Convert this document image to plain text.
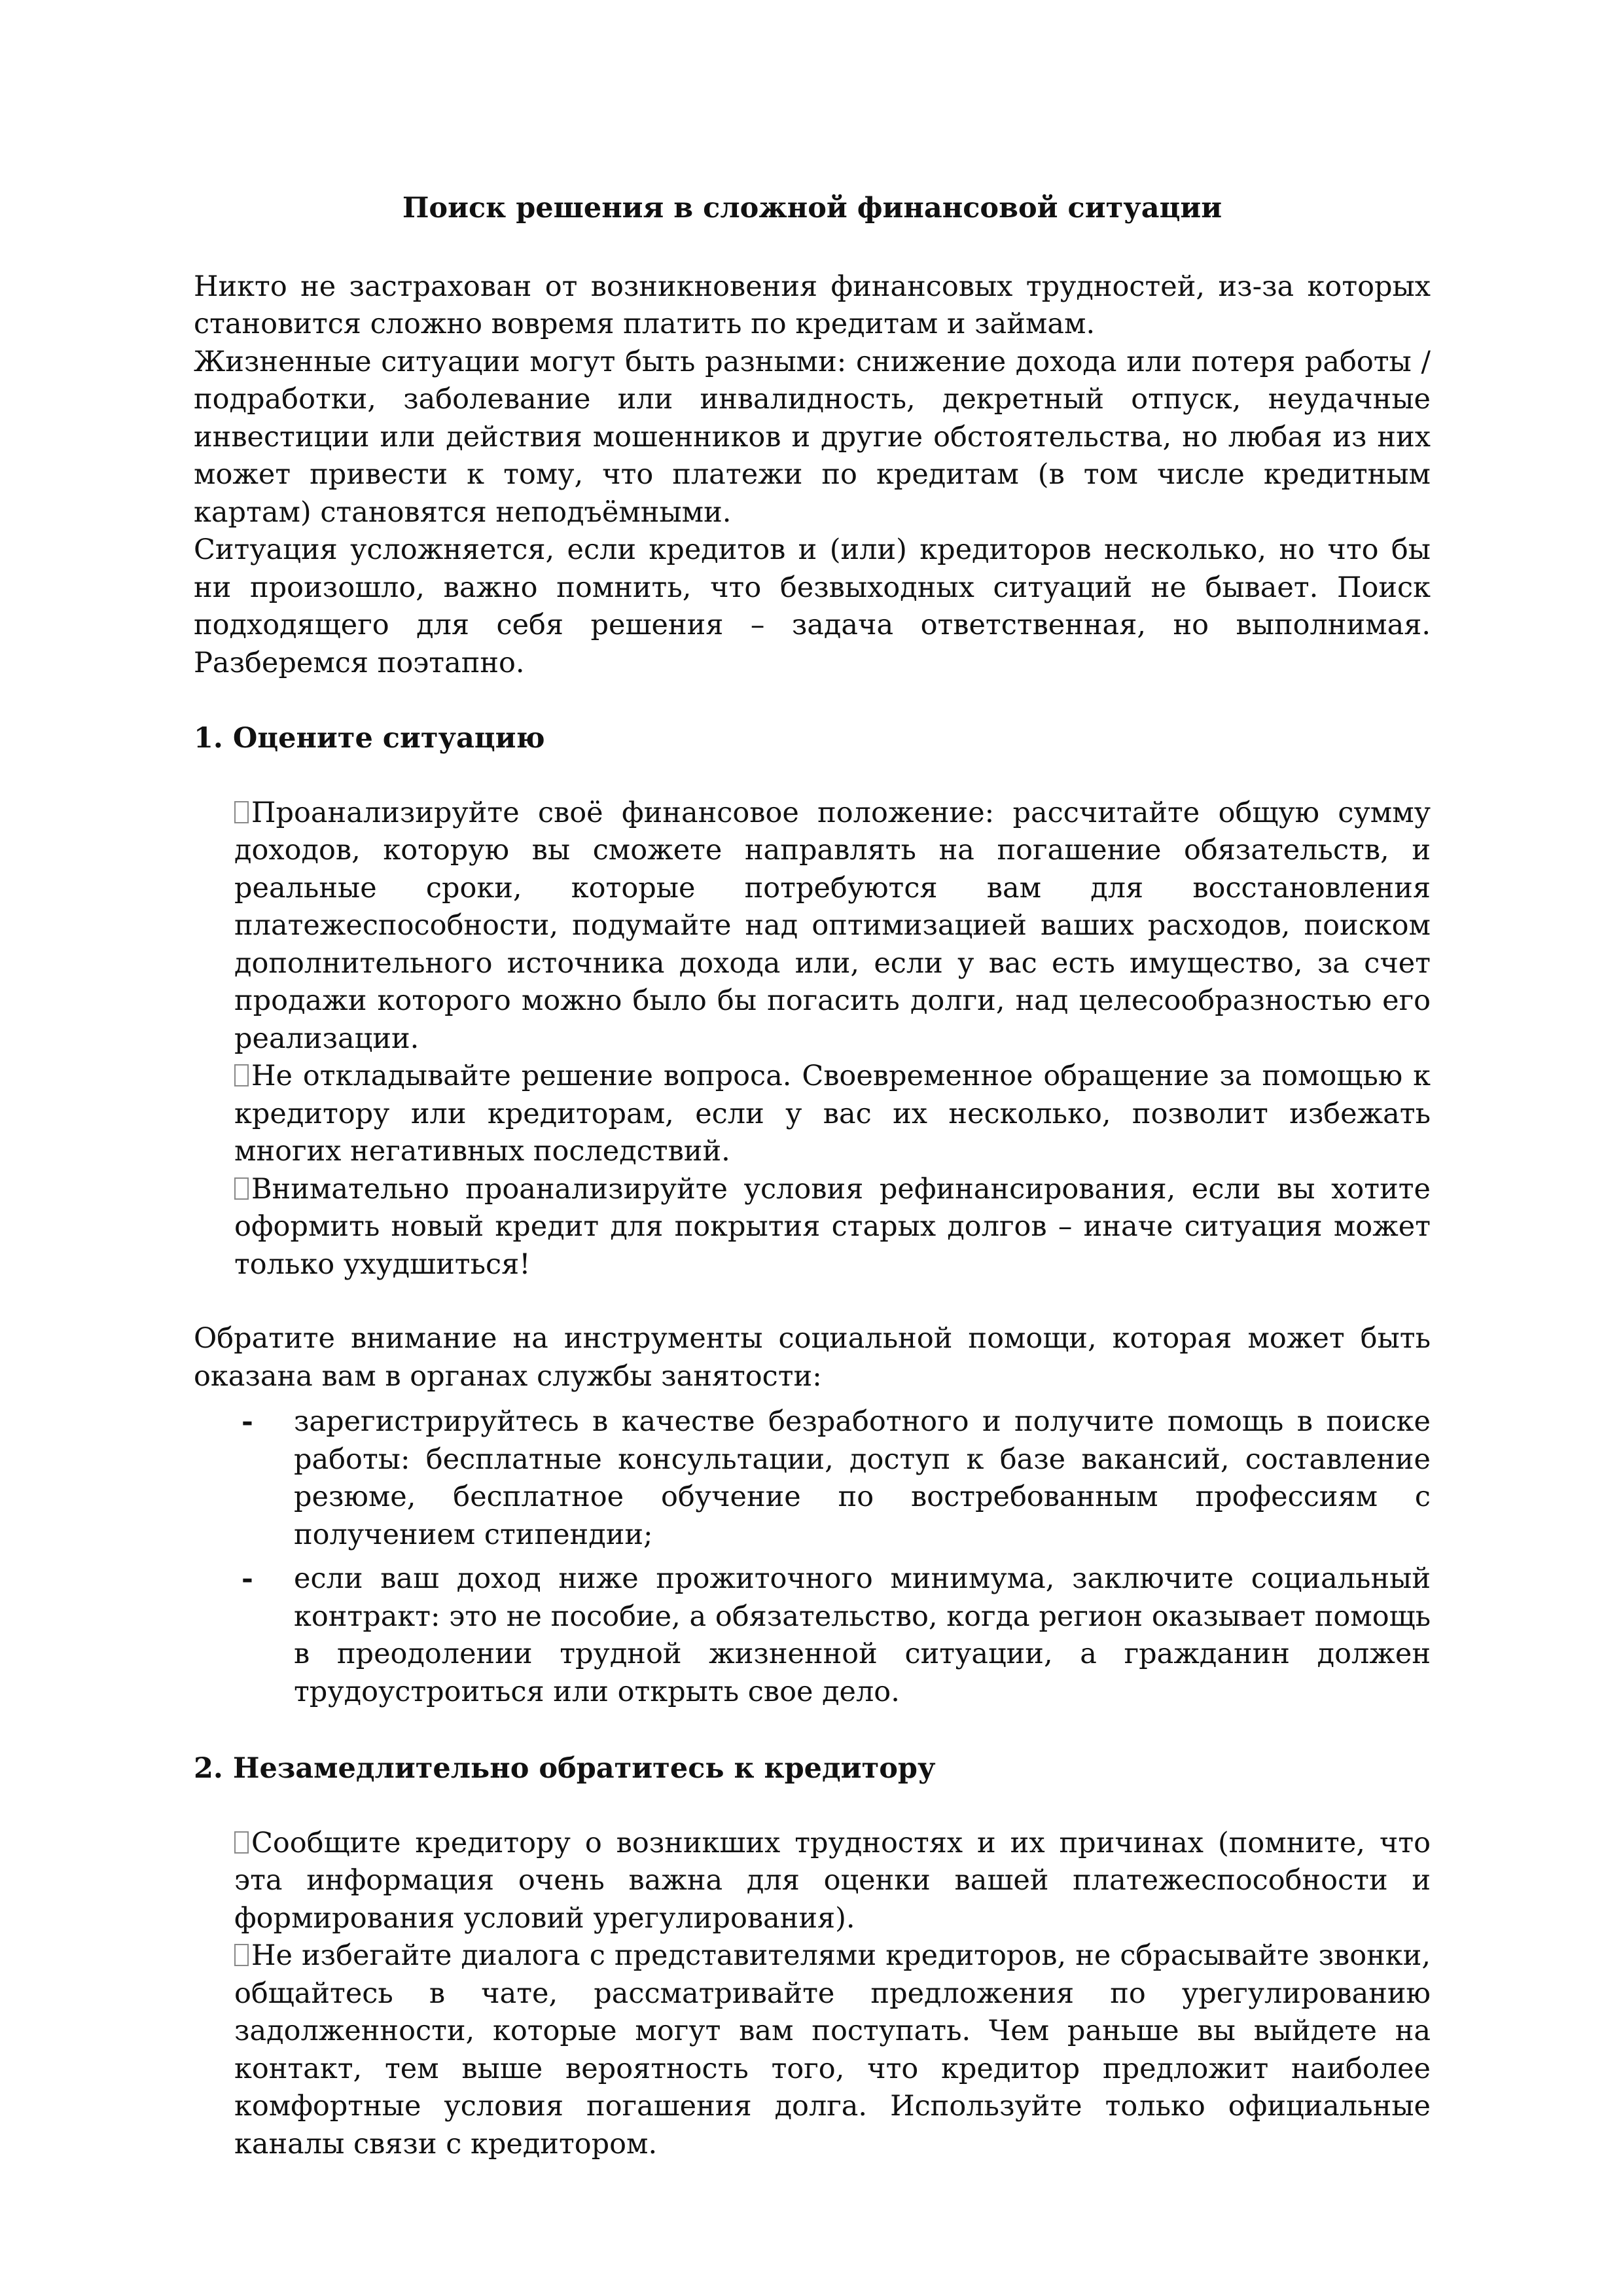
Поиск решения в сложной финансовой ситуации

Никто не застрахован от возникновения финансовых трудностей, из-за которых становится сложно вовремя платить по кредитам и займам.

Жизненные ситуации могут быть разными: снижение дохода или потеря работы / подработки, заболевание или инвалидность, декретный отпуск, неудачные инвестиции или действия мошенников и другие обстоятельства, но любая из них может привести к тому, что платежи по кредитам (в том числе кредитным картам) становятся неподъёмными.

Ситуация усложняется, если кредитов и (или) кредиторов несколько, но что бы ни произошло, важно помнить, что безвыходных ситуаций не бывает. Поиск подходящего для себя решения – задача ответственная, но выполнимая. Разберемся поэтапно.

1. Оцените ситуацию

Проанализируйте своё финансовое положение: рассчитайте общую сумму доходов, которую вы сможете направлять на погашение обязательств, и реальные сроки, которые потребуются вам для восстановления платежеспособности, подумайте над оптимизацией ваших расходов, поиском дополнительного источника дохода или, если у вас есть имущество, за счет продажи которого можно было бы погасить долги, над целесообразностью его реализации.

Не откладывайте решение вопроса. Своевременное обращение за помощью к кредитору или кредиторам, если у вас их несколько, позволит избежать многих негативных последствий.

Внимательно проанализируйте условия рефинансирования, если вы хотите оформить новый кредит для покрытия старых долгов – иначе ситуация может только ухудшиться!

Обратите внимание на инструменты социальной помощи, которая может быть оказана вам в органах службы занятости:

- зарегистрируйтесь в качестве безработного и получите помощь в поиске работы: бесплатные консультации, доступ к базе вакансий, составление резюме, бесплатное обучение по востребованным профессиям с получением стипендии;
- если ваш доход ниже прожиточного минимума, заключите социальный контракт: это не пособие, а обязательство, когда регион оказывает помощь в преодолении трудной жизненной ситуации, а гражданин должен трудоустроиться или открыть свое дело.
2. Незамедлительно обратитесь к кредитору

Сообщите кредитору о возникших трудностях и их причинах (помните, что эта информация очень важна для оценки вашей платежеспособности и формирования условий урегулирования).

Не избегайте диалога с представителями кредиторов, не сбрасывайте звонки, общайтесь в чате, рассматривайте предложения по урегулированию задолженности, которые могут вам поступать. Чем раньше вы выйдете на контакт, тем выше вероятность того, что кредитор предложит наиболее комфортные условия погашения долга. Используйте только официальные каналы связи с кредитором.
